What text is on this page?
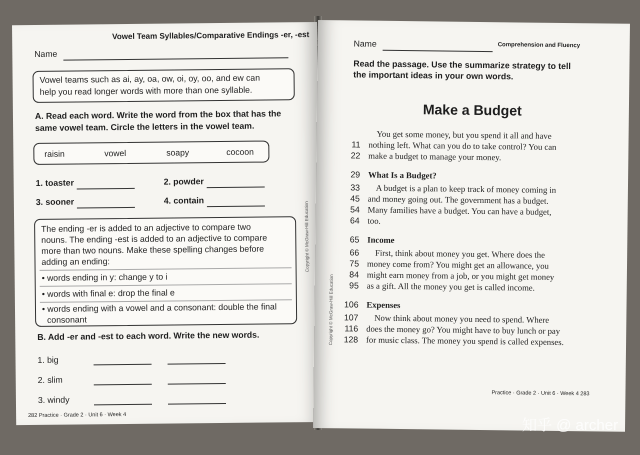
Vowel Team Syllables/Comparative Endings -er, -est
Name
Vowel teams such as ai, ay, oa, ow, oi, oy, oo, and ew can
help you read longer words with more than one syllable.
A. Read each word. Write the word from the box that has the
same vowel team. Circle the letters in the vowel team.
raisin	vowel	soapy	cocoon
1. toaster	2. powder
3. sooner	4. contain
The ending -er is added to an adjective to compare two
nouns. The ending -est is added to an adjective to compare
more than two nouns. Make these spelling changes before
adding an ending:
• words ending in y: change y to i
• words with final e: drop the final e
• words ending with a vowel and a consonant: double the final
consonant
B. Add -er and -est to each word. Write the new words.
1. big
2. slim
3. windy
282 Practice · Grade 2 · Unit 6 · Week 4
Copyright © McGraw-Hill Education
Name	Comprehension and Fluency
Read the passage. Use the summarize strategy to tell
the important ideas in your own words.
Make a Budget
You get some money, but you spend it all and have
11 nothing left. What can you do to take control? You can
22 make a budget to manage your money.
29 What Is a Budget?
33 A budget is a plan to keep track of money coming in
45 and money going out. The government has a budget.
54 Many families have a budget. You can have a budget,
64 too.
65 Income
66 First, think about money you get. Where does the
75 money come from? You might get an allowance, you
84 might earn money from a job, or you might get money
95 as a gift. All the money you get is called income.
106 Expenses
107 Now think about money you need to spend. Where
116 does the money go? You might have to buy lunch or pay
128 for music class. The money you spend is called expenses.
Practice · Grade 2 · Unit 6 · Week 4 283
Copyright © McGraw-Hill Education
知乎 @ archer
